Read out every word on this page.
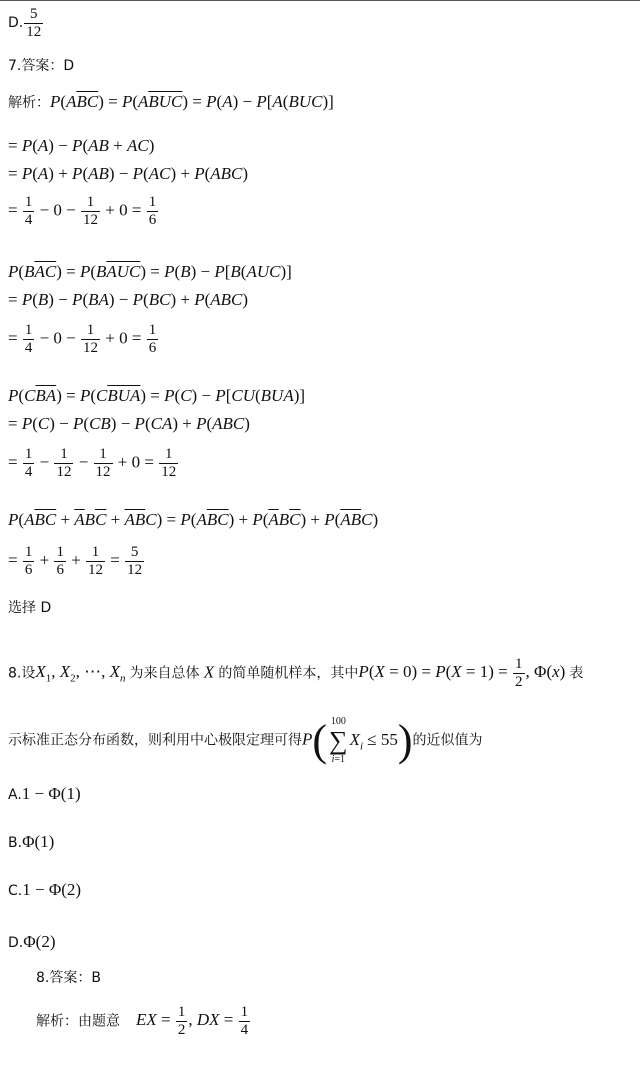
D. $\frac{5}{12}$
7.答案：D
解析：$P(A\overline{B}\overline{C}) = P(A\overline{BUC}) = P(A) - P[A(BUC)]$
= P(A) − P(AB + AC)
= P(A) + P(AB) − P(AC) + P(ABC)
= $\frac{1}{4} - 0 - \frac{1}{12} + 0 = \frac{1}{6}$
$P(B\overline{A}\overline{C}) = P(B\overline{AUC}) = P(B) - P[B(AUC)]$
= P(B) − P(BA) − P(BC) + P(ABC)
= $\frac{1}{4} - 0 - \frac{1}{12} + 0 = \frac{1}{6}$
$P(C\overline{B}\overline{A}) = P(C\overline{BUA}) = P(C) - P[CU(BUA)]$
= P(C) − P(CB) − P(CA) + P(ABC)
= $\frac{1}{4} - \frac{1}{12} - \frac{1}{12} + 0 = \frac{1}{12}$
$P(A\overline{B}\overline{C} + \overline{A}B\overline{C} + \overline{A}\overline{B}C) = P(A\overline{B}\overline{C}) + P(\overline{A}B\overline{C}) + P(\overline{A}\overline{B}C)$
= $\frac{1}{6} + \frac{1}{6} + \frac{1}{12} = \frac{5}{12}$
选择 D
8.设$X_1$, $X_2$, ⋯, $X_n$ 为来自总体 X 的简单随机样本，其中$P(X = 0) = P(X = 1) = \frac{1}{2}$ , Φ(x) 表
示标准正态分布函数，则利用中心极限定理可得P( 100
∑
i=1
$X_i \le 55$)的近似值为
A.1 − Φ(1)
B.Φ(1)
C.1 − Φ(2)
D.Φ(2)
8.答案：B
解析：由题意 EX = $\frac{1}{2}$ , DX = $\frac{1}{4}$
